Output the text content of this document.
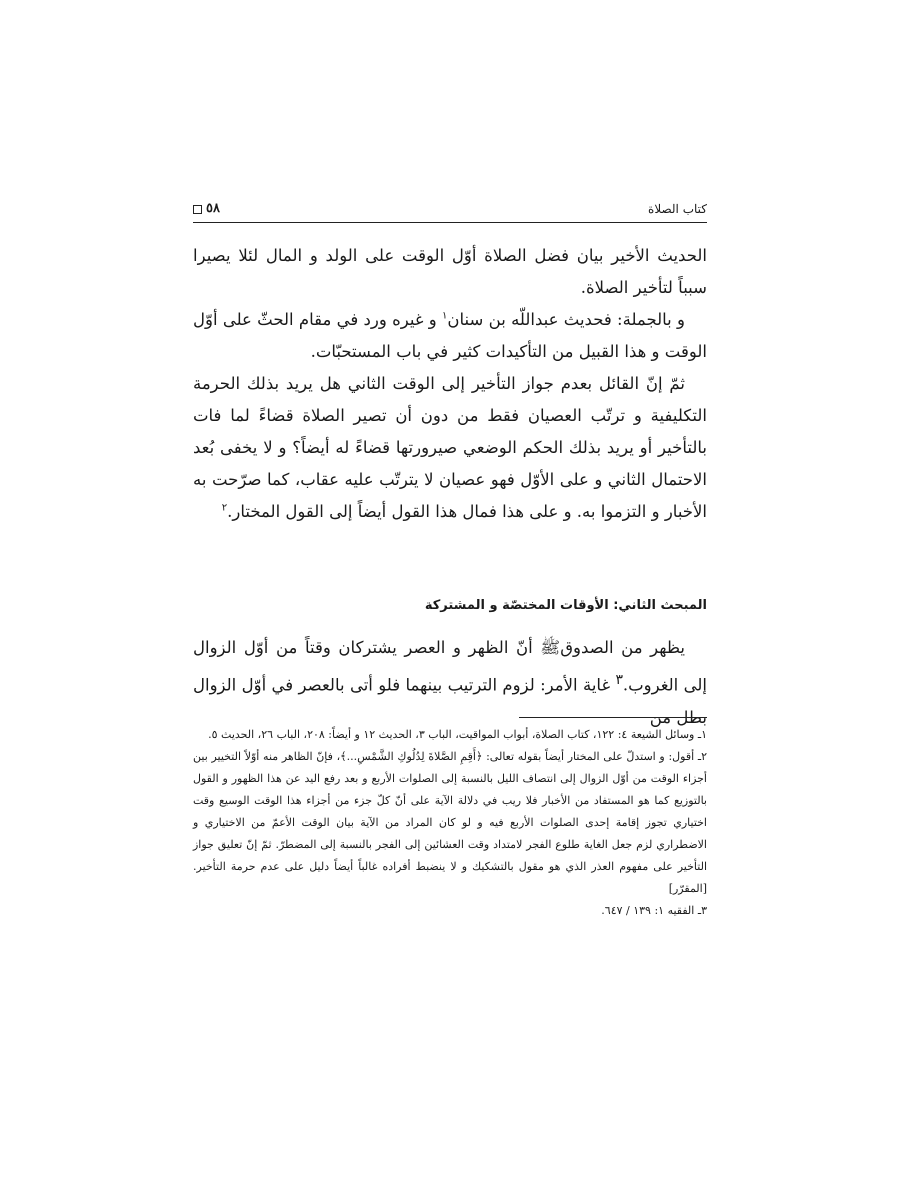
كتاب الصلاة
٥٨

الحديث الأخير بيان فضل الصلاة أوّل الوقت على الولد و المال لئلا يصيرا سبباً لتأخير الصلاة.

و بالجملة: فحديث عبداللّه بن سنان$^١$ و غيره ورد في مقام الحثّ على أوّل الوقت و هذا القبيل من التأكيدات كثير في باب المستحبّات.

ثمّ إنّ القائل بعدم جواز التأخير إلى الوقت الثاني هل يريد بذلك الحرمة التكليفية و ترتّب العصيان فقط من دون أن تصير الصلاة قضاءً لما فات بالتأخير أو يريد بذلك الحكم الوضعي صيرورتها قضاءً له أيضاً؟ و لا يخفى بُعد الاحتمال الثاني و على الأوّل فهو عصيان لا يترتّب عليه عقاب، كما صرّحت به الأخبار و التزموا به. و على هذا فمال هذا القول أيضاً إلى القول المختار.$^٢$

المبحث الثاني: الأوقات المختصّة و المشتركة

يظهر من الصدوقﷺ أنّ الظهر و العصر يشتركان وقتاً من أوّل الزوال إلى الغروب.$^٣$ غاية الأمر: لزوم الترتيب بينهما فلو أتى بالعصر في أوّل الزوال بطل من

١ـ وسائل الشيعة ٤: ١٢٢، كتاب الصلاة، أبواب المواقيت، الباب ٣، الحديث ١٢ و أيضاً: ٢٠٨، الباب ٢٦، الحديث ٥.

٢ـ أقول: و استدلّ على المختار أيضاً بقوله تعالى: ﴿أَقِمِ الصَّلاةَ لِدُلُوكِ الشَّمْسِ...﴾، فإنّ الظاهر منه أوّلاً التخيير بين أجزاء الوقت من أوّل الزوال إلى انتصاف الليل بالنسبة إلى الصلوات الأربع و بعد رفع اليد عن هذا الظهور و القول بالتوزيع كما هو المستفاد من الأخبار فلا ريب في دلالة الآية على أنّ كلّ جزء من أجزاء هذا الوقت الوسيع وقت اختياري تجوز إقامة إحدى الصلوات الأربع فيه و لو كان المراد من الآية بيان الوقت الأعمّ من الاختياري و الاضطراري لزم جعل الغاية طلوع الفجر لامتداد وقت العشائين إلى الفجر بالنسبة إلى المضطرّ. ثمّ إنّ تعليق جواز التأخير على مفهوم العذر الذي هو مقول بالتشكيك و لا ينضبط أفراده غالباً أيضاً دليل على عدم حرمة التأخير. [المقرّر]

٣ـ الفقيه ١: ١٣٩ / ٦٤٧.
